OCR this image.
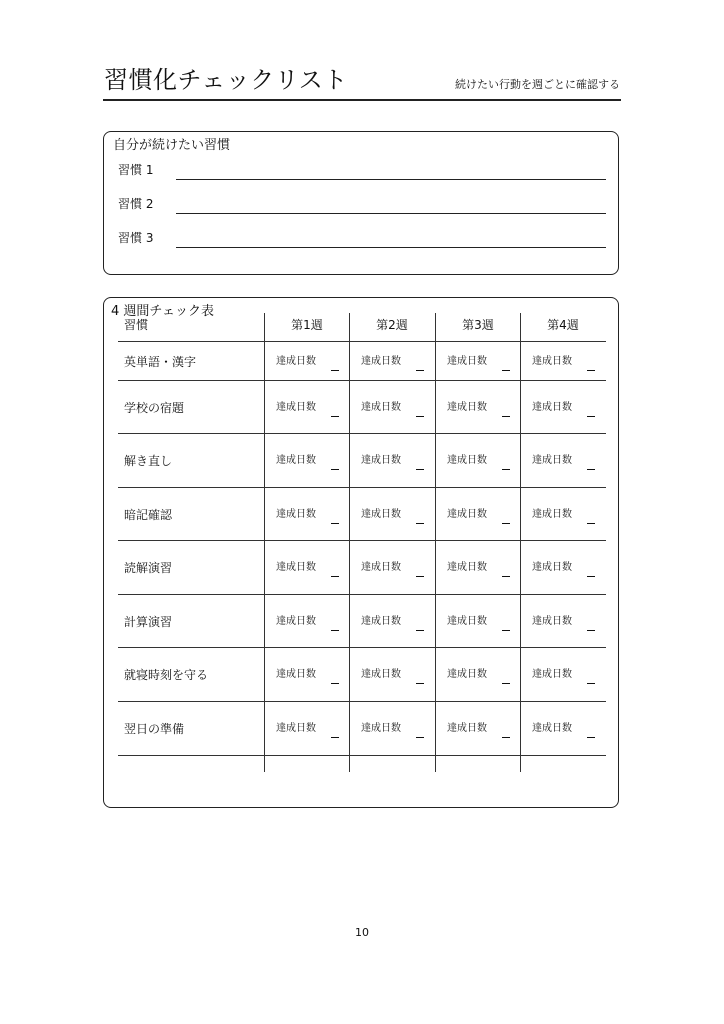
習慣化チェックリスト	続けたい行動を週ごとに確認する
自分が続けたい習慣
習慣 1
習慣 2
習慣 3
4 週間チェック表
習慣	第1週	第2週	第3週	第4週
英単語・漢字	達成日数	達成日数	達成日数	達成日数
学校の宿題	達成日数	達成日数	達成日数	達成日数
解き直し	達成日数	達成日数	達成日数	達成日数
暗記確認	達成日数	達成日数	達成日数	達成日数
読解演習	達成日数	達成日数	達成日数	達成日数
計算演習	達成日数	達成日数	達成日数	達成日数
就寝時刻を守る	達成日数	達成日数	達成日数	達成日数
翌日の準備	達成日数	達成日数	達成日数	達成日数
10
